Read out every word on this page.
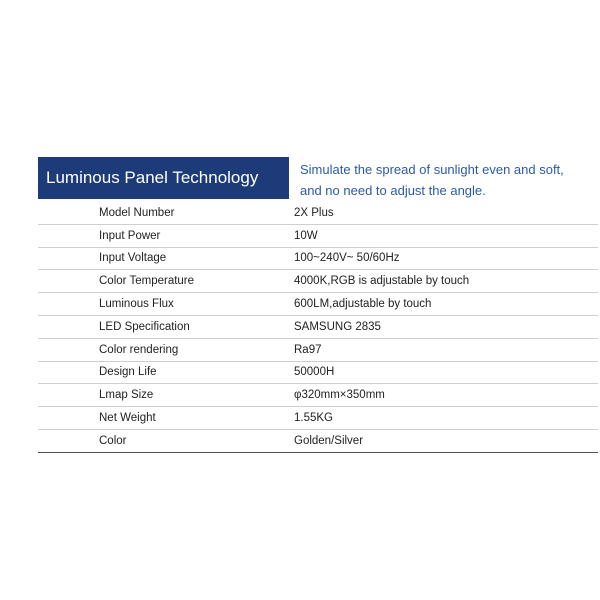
Luminous Panel Technology	Simulate the spread of sunlight even and soft,
and no need to adjust the angle.
Model Number	2X Plus
Input Power	10W
Input Voltage	100~240V~ 50/60Hz
Color Temperature	4000K,RGB is adjustable by touch
Luminous Flux	600LM,adjustable by touch
LED Specification	SAMSUNG 2835
Color rendering	Ra97
Design Life	50000H
Lmap Size	φ320mm×350mm
Net Weight	1.55KG
Color	Golden/Silver
